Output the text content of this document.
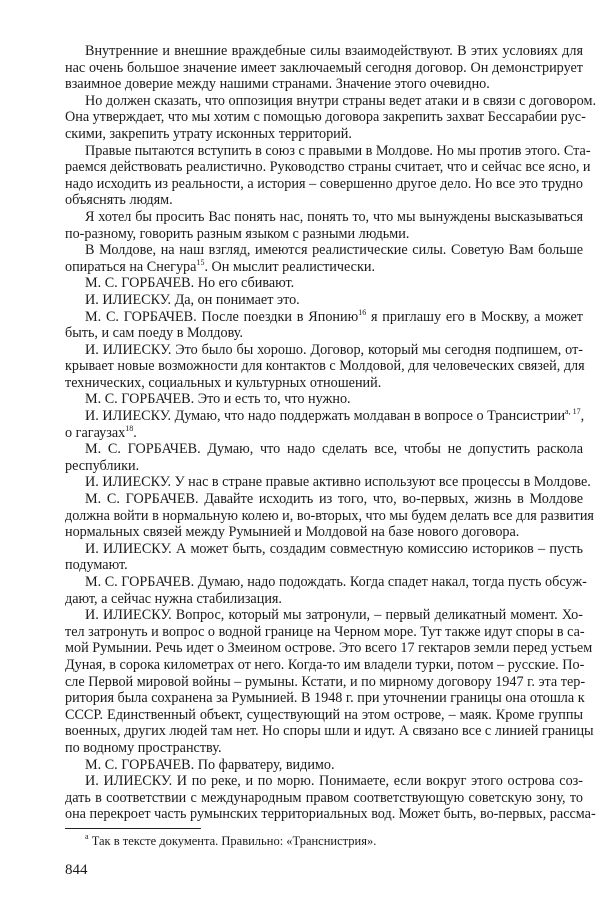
Внутренние и внешние враждебные силы взаимодействуют. В этих условиях для
нас очень большое значение имеет заключаемый сегодня договор. Он демонстрирует
взаимное доверие между нашими странами. Значение этого очевидно.
Но должен сказать, что оппозиция внутри страны ведет атаки и в связи с договором.
Она утверждает, что мы хотим с помощью договора закрепить захват Бессарабии рус-
скими, закрепить утрату исконных территорий.
Правые пытаются вступить в союз с правыми в Молдове. Но мы против этого. Ста-
раемся действовать реалистично. Руководство страны считает, что и сейчас все ясно, и
надо исходить из реальности, а история – совершенно другое дело. Но все это трудно
объяснять людям.
Я хотел бы просить Вас понять нас, понять то, что мы вынуждены высказываться
по-разному, говорить разным языком с разными людьми.
В Молдове, на наш взгляд, имеются реалистические силы. Советую Вам больше
опираться на Снегура$^{15}$. Он мыслит реалистически.
М. С. ГОРБАЧЕВ. Но его сбивают.
И. ИЛИЕСКУ. Да, он понимает это.
М. С. ГОРБАЧЕВ. После поездки в Японию$^{16}$ я приглашу его в Москву, а может
быть, и сам поеду в Молдову.
И. ИЛИЕСКУ. Это было бы хорошо. Договор, который мы сегодня подпишем, от-
крывает новые возможности для контактов с Молдовой, для человеческих связей, для
технических, социальных и культурных отношений.
М. С. ГОРБАЧЕВ. Это и есть то, что нужно.
И. ИЛИЕСКУ. Думаю, что надо поддержать молдаван в вопросе о Трансистрии$^{a, 17}$,
о гагаузах$^{18}$.
М. С. ГОРБАЧЕВ. Думаю, что надо сделать все, чтобы не допустить раскола
республики.
И. ИЛИЕСКУ. У нас в стране правые активно используют все процессы в Молдове.
М. С. ГОРБАЧЕВ. Давайте исходить из того, что, во-первых, жизнь в Молдове
должна войти в нормальную колею и, во-вторых, что мы будем делать все для развития
нормальных связей между Румынией и Молдовой на базе нового договора.
И. ИЛИЕСКУ. А может быть, создадим совместную комиссию историков – пусть
подумают.
М. С. ГОРБАЧЕВ. Думаю, надо подождать. Когда спадет накал, тогда пусть обсуж-
дают, а сейчас нужна стабилизация.
И. ИЛИЕСКУ. Вопрос, который мы затронули, – первый деликатный момент. Хо-
тел затронуть и вопрос о водной границе на Черном море. Тут также идут споры в са-
мой Румынии. Речь идет о Змеином острове. Это всего 17 гектаров земли перед устьем
Дуная, в сорока километрах от него. Когда-то им владели турки, потом – русские. По-
сле Первой мировой войны – румыны. Кстати, и по мирному договору 1947 г. эта тер-
ритория была сохранена за Румынией. В 1948 г. при уточнении границы она отошла к
СССР. Единственный объект, существующий на этом острове, – маяк. Кроме группы
военных, других людей там нет. Но споры шли и идут. А связано все с линией границы
по водному пространству.
М. С. ГОРБАЧЕВ. По фарватеру, видимо.
И. ИЛИЕСКУ. И по реке, и по морю. Понимаете, если вокруг этого острова соз-
дать в соответствии с международным правом соответствующую советскую зону, то
она перекроет часть румынских территориальных вод. Может быть, во-первых, рассма-
$^a$ Так в тексте документа. Правильно: «Транснистрия».
844
